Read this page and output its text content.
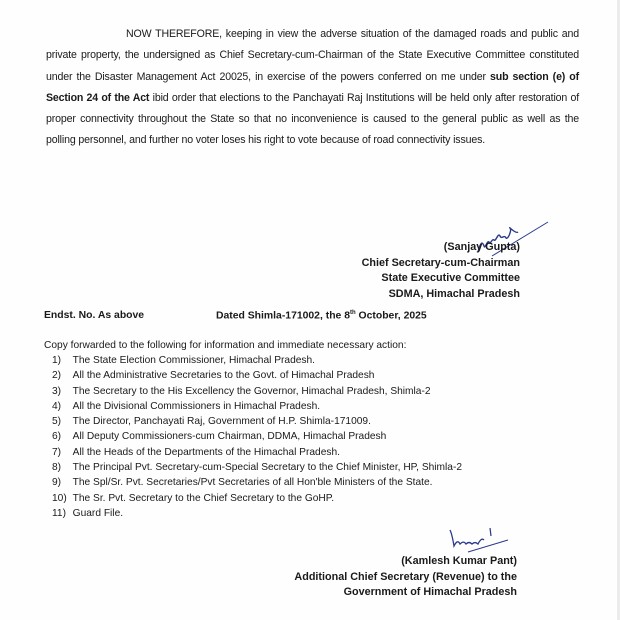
NOW THEREFORE, keeping in view the adverse situation of the damaged roads and public and private property, the undersigned as Chief Secretary-cum-Chairman of the State Executive Committee constituted under the Disaster Management Act 20025, in exercise of the powers conferred on me under sub section (e) of Section 24 of the Act ibid order that elections to the Panchayati Raj Institutions will be held only after restoration of proper connectivity throughout the State so that no inconvenience is caused to the general public as well as the polling personnel, and further no voter loses his right to vote because of road connectivity issues.
(Sanjay Gupta)
Chief Secretary-cum-Chairman
State Executive Committee
SDMA, Himachal Pradesh
Endst. No. As above	Dated Shimla-171002, the 8th October, 2025
Copy forwarded to the following for information and immediate necessary action:
1)
	The State Election Commissioner, Himachal Pradesh.
2)
	All the Administrative Secretaries to the Govt. of Himachal Pradesh
3)
	The Secretary to the His Excellency the Governor, Himachal Pradesh, Shimla-2
4)
	All the Divisional Commissioners in Himachal Pradesh.
5)
	The Director, Panchayati Raj, Government of H.P. Shimla-171009.
6)
	All Deputy Commissioners-cum Chairman, DDMA, Himachal Pradesh
7)
	All the Heads of the Departments of the Himachal Pradesh.
8)
	The Principal Pvt. Secretary-cum-Special Secretary to the Chief Minister, HP, Shimla-2
9)
	The Spl/Sr. Pvt. Secretaries/Pvt Secretaries of all Hon'ble Ministers of the State.
10)
The Sr. Pvt. Secretary to the Chief Secretary to the GoHP.
11)
Guard File.
(Kamlesh Kumar Pant)
Additional Chief Secretary (Revenue) to the
Government of Himachal Pradesh
